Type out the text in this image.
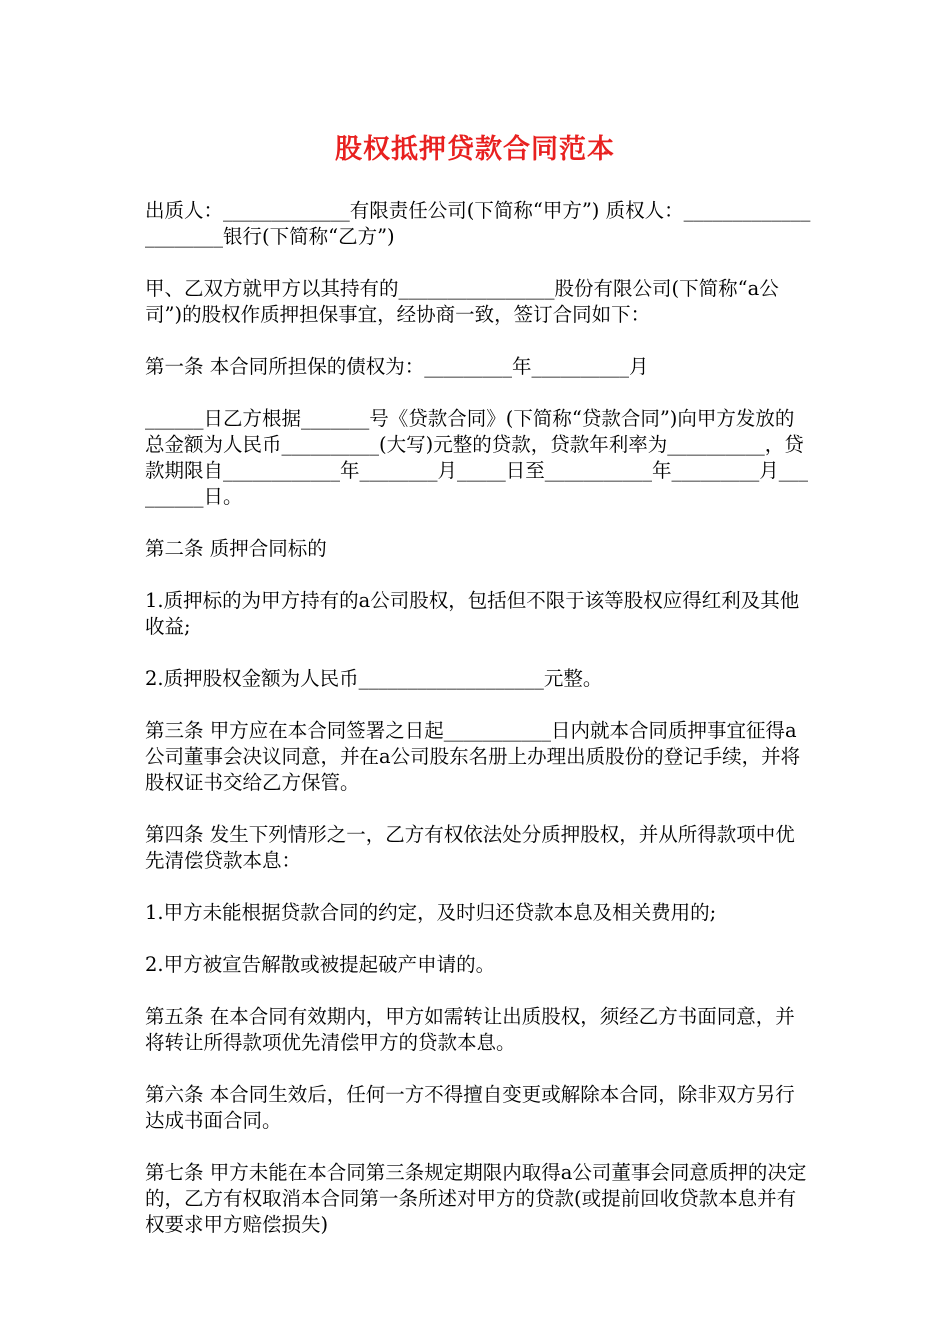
股权抵押贷款合同范本

出质人：_____________有限责任公司(下简称“甲方”) 质权人：_____________________银行(下简称“乙方”)

甲、乙双方就甲方以其持有的________________股份有限公司(下简称“a公司”)的股权作质押担保事宜，经协商一致，签订合同如下：

第一条 本合同所担保的债权为：_________年__________月

______日乙方根据_______号《贷款合同》(下简称“贷款合同”)向甲方发放的总金额为人民币__________(大写)元整的贷款，贷款年利率为__________，贷款期限自____________年________月_____日至___________年_________月_________日。

第二条 质押合同标的

1.质押标的为甲方持有的a公司股权，包括但不限于该等股权应得红利及其他收益;

2.质押股权金额为人民币___________________元整。

第三条 甲方应在本合同签署之日起___________日内就本合同质押事宜征得a公司董事会决议同意，并在a公司股东名册上办理出质股份的登记手续，并将股权证书交给乙方保管。

第四条 发生下列情形之一，乙方有权依法处分质押股权，并从所得款项中优先清偿贷款本息：

1.甲方未能根据贷款合同的约定，及时归还贷款本息及相关费用的;

2.甲方被宣告解散或被提起破产申请的。

第五条 在本合同有效期内，甲方如需转让出质股权，须经乙方书面同意，并将转让所得款项优先清偿甲方的贷款本息。

第六条 本合同生效后，任何一方不得擅自变更或解除本合同，除非双方另行达成书面合同。

第七条 甲方未能在本合同第三条规定期限内取得a公司董事会同意质押的决定的，乙方有权取消本合同第一条所述对甲方的贷款(或提前回收贷款本息并有权要求甲方赔偿损失)
